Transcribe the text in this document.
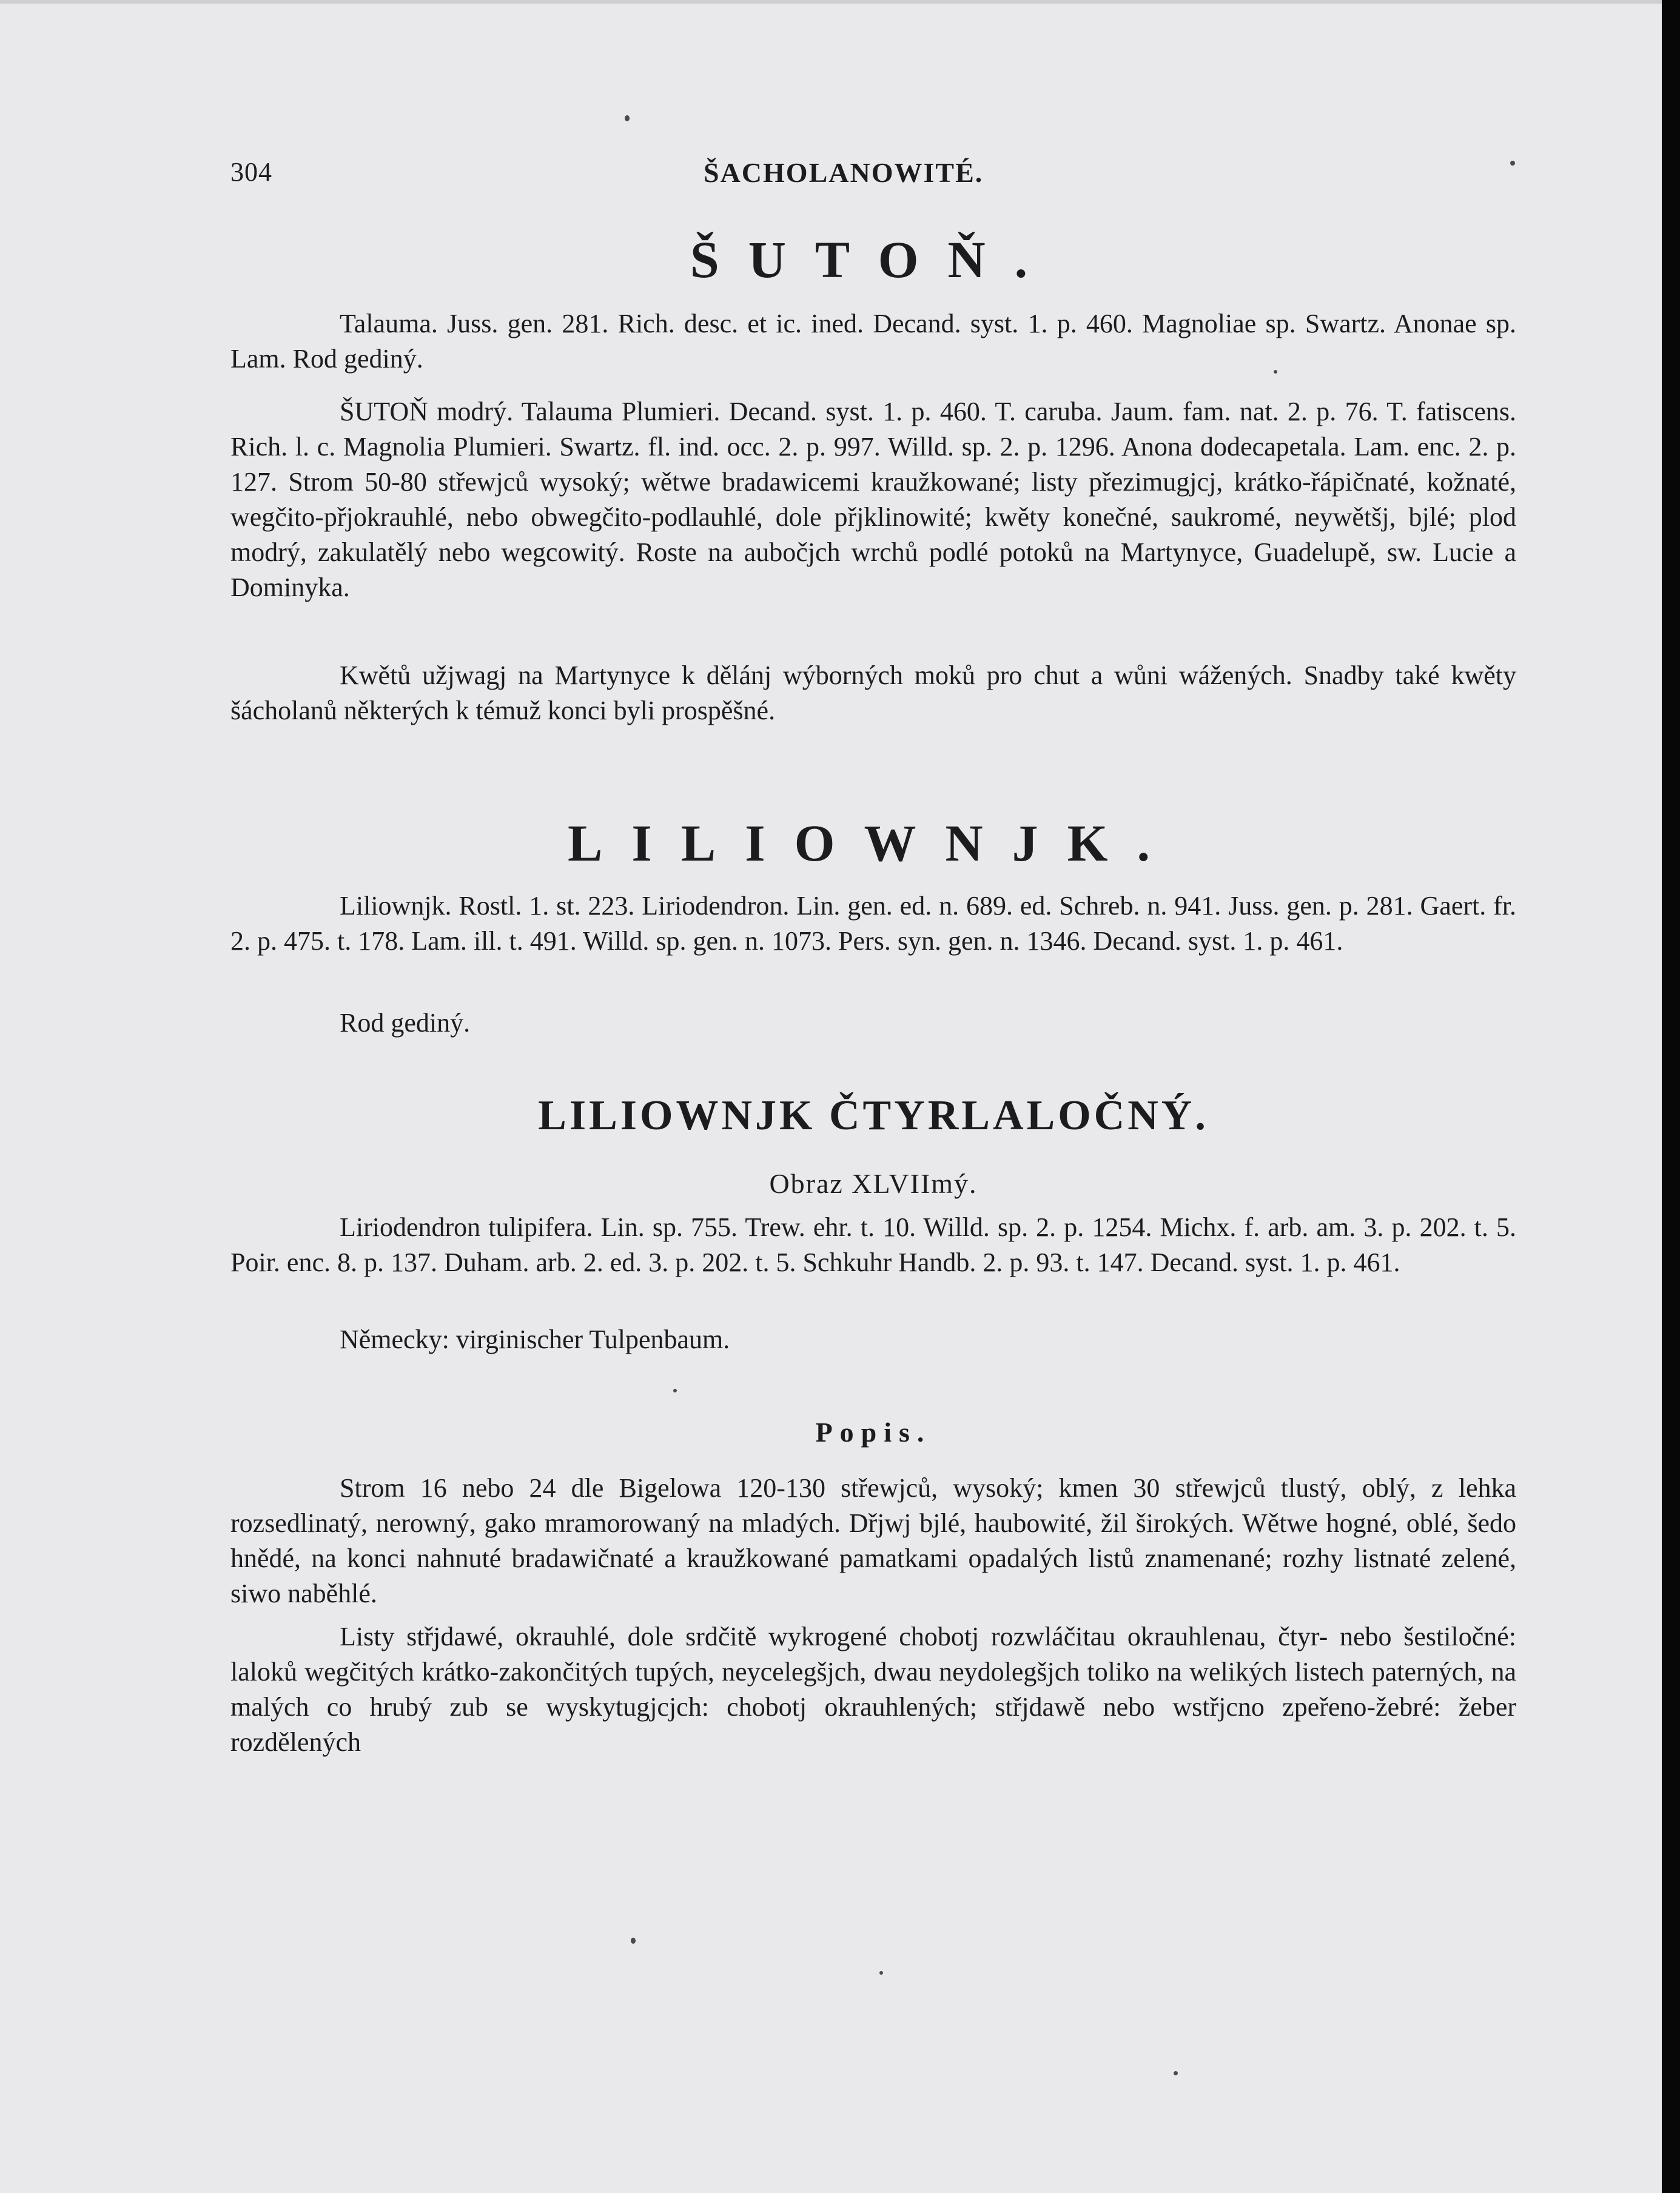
304	ŠACHOLANOWITÉ.
ŠUTOŇ.

Talauma. Juss. gen. 281. Rich. desc. et ic. ined. Decand. syst. 1. p. 460. Magnoliae sp. Swartz. Anonae sp. Lam. Rod gediný.

ŠUTOŇ modrý. Talauma Plumieri. Decand. syst. 1. p. 460. T. caruba. Jaum. fam. nat. 2. p. 76. T. fatiscens. Rich. l. c. Magnolia Plumieri. Swartz. fl. ind. occ. 2. p. 997. Willd. sp. 2. p. 1296. Anona dodecapetala. Lam. enc. 2. p. 127. Strom 50-80 střewjců wysoký; wětwe bradawicemi kraužkowané; listy přezimugjcj, krátko-řápičnaté, kožnaté, wegčito-přjokrauhlé, nebo obwegčito-podlauhlé, dole přjklinowité; kwěty konečné, saukromé, neywětšj, bjlé; plod modrý, zakulatělý nebo wegcowitý. Roste na aubočjch wrchů podlé potoků na Martynyce, Guadelupě, sw. Lucie a Dominyka.

Kwětů užjwagj na Martynyce k dělánj wýborných moků pro chut a wůni wážených. Snadby také kwěty šácholanů některých k témuž konci byli prospěšné.

LILIOWNJK.

Liliownjk. Rostl. 1. st. 223. Liriodendron. Lin. gen. ed. n. 689. ed. Schreb. n. 941. Juss. gen. p. 281. Gaert. fr. 2. p. 475. t. 178. Lam. ill. t. 491. Willd. sp. gen. n. 1073. Pers. syn. gen. n. 1346. Decand. syst. 1. p. 461.

Rod gediný.

LILIOWNJK ČTYRLALOČNÝ.
Obraz XLVIImý.

Liriodendron tulipifera. Lin. sp. 755. Trew. ehr. t. 10. Willd. sp. 2. p. 1254. Michx. f. arb. am. 3. p. 202. t. 5. Poir. enc. 8. p. 137. Duham. arb. 2. ed. 3. p. 202. t. 5. Schkuhr Handb. 2. p. 93. t. 147. Decand. syst. 1. p. 461.

Německy: virginischer Tulpenbaum.

Popis.

Strom 16 nebo 24 dle Bigelowa 120-130 střewjců, wysoký; kmen 30 střewjců tlustý, oblý, z lehka rozsedlinatý, nerowný, gako mramorowaný na mladých. Dřjwj bjlé, haubowité, žil širokých. Wětwe hogné, oblé, šedo hnědé, na konci nahnuté bradawičnaté a kraužkowané pamatkami opadalých listů znamenané; rozhy listnaté zelené, siwo naběhlé.

Listy střjdawé, okrauhlé, dole srdčitě wykrogené chobotj rozwláčitau okrauhlenau, čtyr- nebo šestiločné: laloků wegčitých krátko-zakončitých tupých, neycelegšjch, dwau neydolegšjch toliko na welikých listech paterných, na malých co hrubý zub se wyskytugjcjch: chobotj okrauhlených; střjdawě nebo wstřjcno zpeřeno-žebré: žeber rozdělených
